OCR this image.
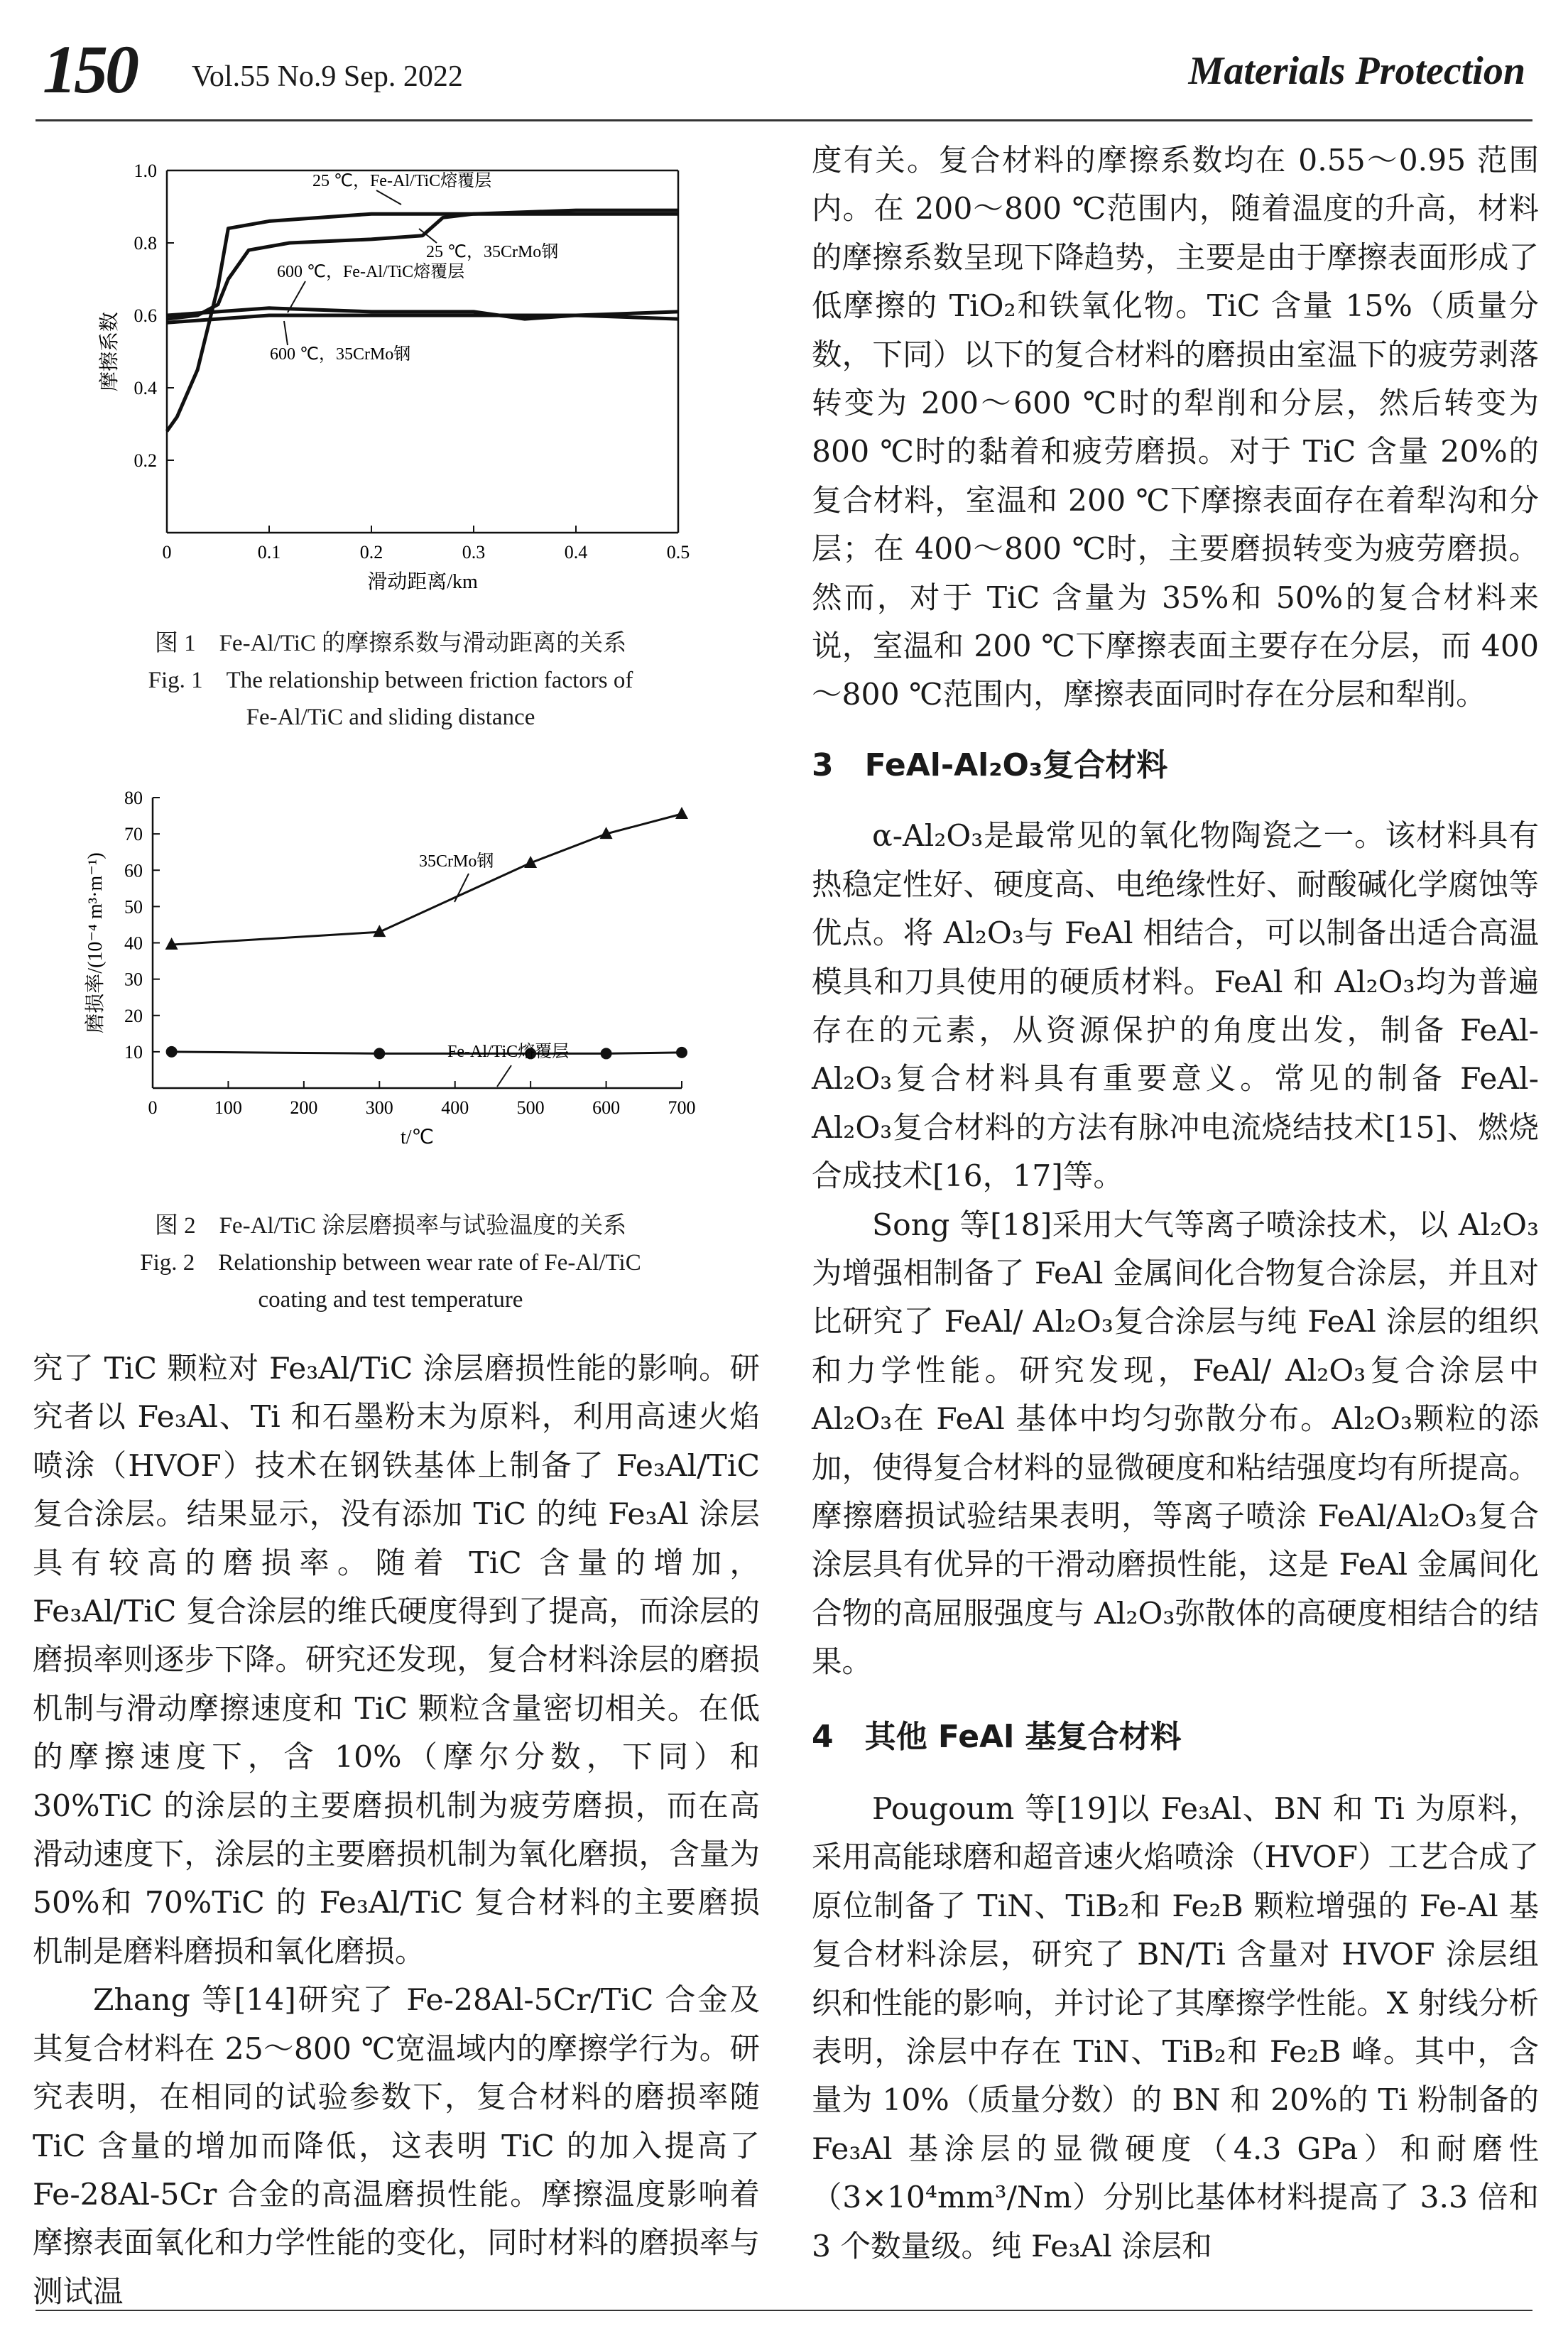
150 Vol.55 No.9 Sep. 2022	Materials Protection
0	0.1	0.2	0.3	0.4	0.5
0.2
0.4
0.6
0.8
1.0
滑动距离/km
摩擦系数
25 ℃，Fe-Al/TiC熔覆层
25 ℃，35CrMo钢
600 ℃，Fe-Al/TiC熔覆层
600 ℃，35CrMo钢
图 1　Fe-Al/TiC 的摩擦系数与滑动距离的关系
Fig. 1　The relationship between friction factors of
Fe-Al/TiC and sliding distance
0	100	200	300	400	500	600	700
10
20
30
40
50
60
70
80
t/℃
磨损率/(10⁻⁴ m³·m⁻¹)	35CrMo钢
Fe-Al/TiC熔覆层
图 2　Fe-Al/TiC 涂层磨损率与试验温度的关系
Fig. 2　Relationship between wear rate of Fe-Al/TiC
coating and test temperature

究了 TiC 颗粒对 Fe₃Al/TiC 涂层磨损性能的影响。研究者以 Fe₃Al、Ti 和石墨粉末为原料，利用高速火焰喷涂（HVOF）技术在钢铁基体上制备了 Fe₃Al/TiC 复合涂层。结果显示，没有添加 TiC 的纯 Fe₃Al 涂层具有较高的磨损率。随着 TiC 含量的增加，Fe₃Al/TiC 复合涂层的维氏硬度得到了提高，而涂层的磨损率则逐步下降。研究还发现，复合材料涂层的磨损机制与滑动摩擦速度和 TiC 颗粒含量密切相关。在低的摩擦速度下，含 10%（摩尔分数，下同）和 30%TiC 的涂层的主要磨损机制为疲劳磨损，而在高滑动速度下，涂层的主要磨损机制为氧化磨损，含量为 50%和 70%TiC 的 Fe₃Al/TiC 复合材料的主要磨损机制是磨料磨损和氧化磨损。

Zhang 等[14]研究了 Fe-28Al-5Cr/TiC 合金及其复合材料在 25～800 ℃宽温域内的摩擦学行为。研究表明，在相同的试验参数下，复合材料的磨损率随 TiC 含量的增加而降低，这表明 TiC 的加入提高了 Fe-28Al-5Cr 合金的高温磨损性能。摩擦温度影响着摩擦表面氧化和力学性能的变化，同时材料的磨损率与测试温

度有关。复合材料的摩擦系数均在 0.55～0.95 范围内。在 200～800 ℃范围内，随着温度的升高，材料的摩擦系数呈现下降趋势，主要是由于摩擦表面形成了低摩擦的 TiO₂和铁氧化物。TiC 含量 15%（质量分数，下同）以下的复合材料的磨损由室温下的疲劳剥落转变为 200～600 ℃时的犁削和分层，然后转变为 800 ℃时的黏着和疲劳磨损。对于 TiC 含量 20%的复合材料，室温和 200 ℃下摩擦表面存在着犁沟和分层；在 400～800 ℃时，主要磨损转变为疲劳磨损。然而，对于 TiC 含量为 35%和 50%的复合材料来说，室温和 200 ℃下摩擦表面主要存在分层，而 400～800 ℃范围内，摩擦表面同时存在分层和犁削。

3　FeAl-Al₂O₃复合材料

α-Al₂O₃是最常见的氧化物陶瓷之一。该材料具有热稳定性好、硬度高、电绝缘性好、耐酸碱化学腐蚀等优点。将 Al₂O₃与 FeAl 相结合，可以制备出适合高温模具和刀具使用的硬质材料。FeAl 和 Al₂O₃均为普遍存在的元素，从资源保护的角度出发，制备 FeAl-Al₂O₃复合材料具有重要意义。常见的制备 FeAl-Al₂O₃复合材料的方法有脉冲电流烧结技术[15]、燃烧合成技术[16，17]等。

Song 等[18]采用大气等离子喷涂技术，以 Al₂O₃为增强相制备了 FeAl 金属间化合物复合涂层，并且对比研究了 FeAl/ Al₂O₃复合涂层与纯 FeAl 涂层的组织和力学性能。研究发现，FeAl/ Al₂O₃复合涂层中 Al₂O₃在 FeAl 基体中均匀弥散分布。Al₂O₃颗粒的添加，使得复合材料的显微硬度和粘结强度均有所提高。摩擦磨损试验结果表明，等离子喷涂 FeAl/Al₂O₃复合涂层具有优异的干滑动磨损性能，这是 FeAl 金属间化合物的高屈服强度与 Al₂O₃弥散体的高硬度相结合的结果。

4　其他 FeAl 基复合材料

Pougoum 等[19]以 Fe₃Al、BN 和 Ti 为原料，采用高能球磨和超音速火焰喷涂（HVOF）工艺合成了原位制备了 TiN、TiB₂和 Fe₂B 颗粒增强的 Fe-Al 基复合材料涂层，研究了 BN/Ti 含量对 HVOF 涂层组织和性能的影响，并讨论了其摩擦学性能。X 射线分析表明，涂层中存在 TiN、TiB₂和 Fe₂B 峰。其中，含量为 10%（质量分数）的 BN 和 20%的 Ti 粉制备的 Fe₃Al 基涂层的显微硬度（4.3 GPa）和耐磨性（3×10⁴mm³/Nm）分别比基体材料提高了 3.3 倍和 3 个数量级。纯 Fe₃Al 涂层和
